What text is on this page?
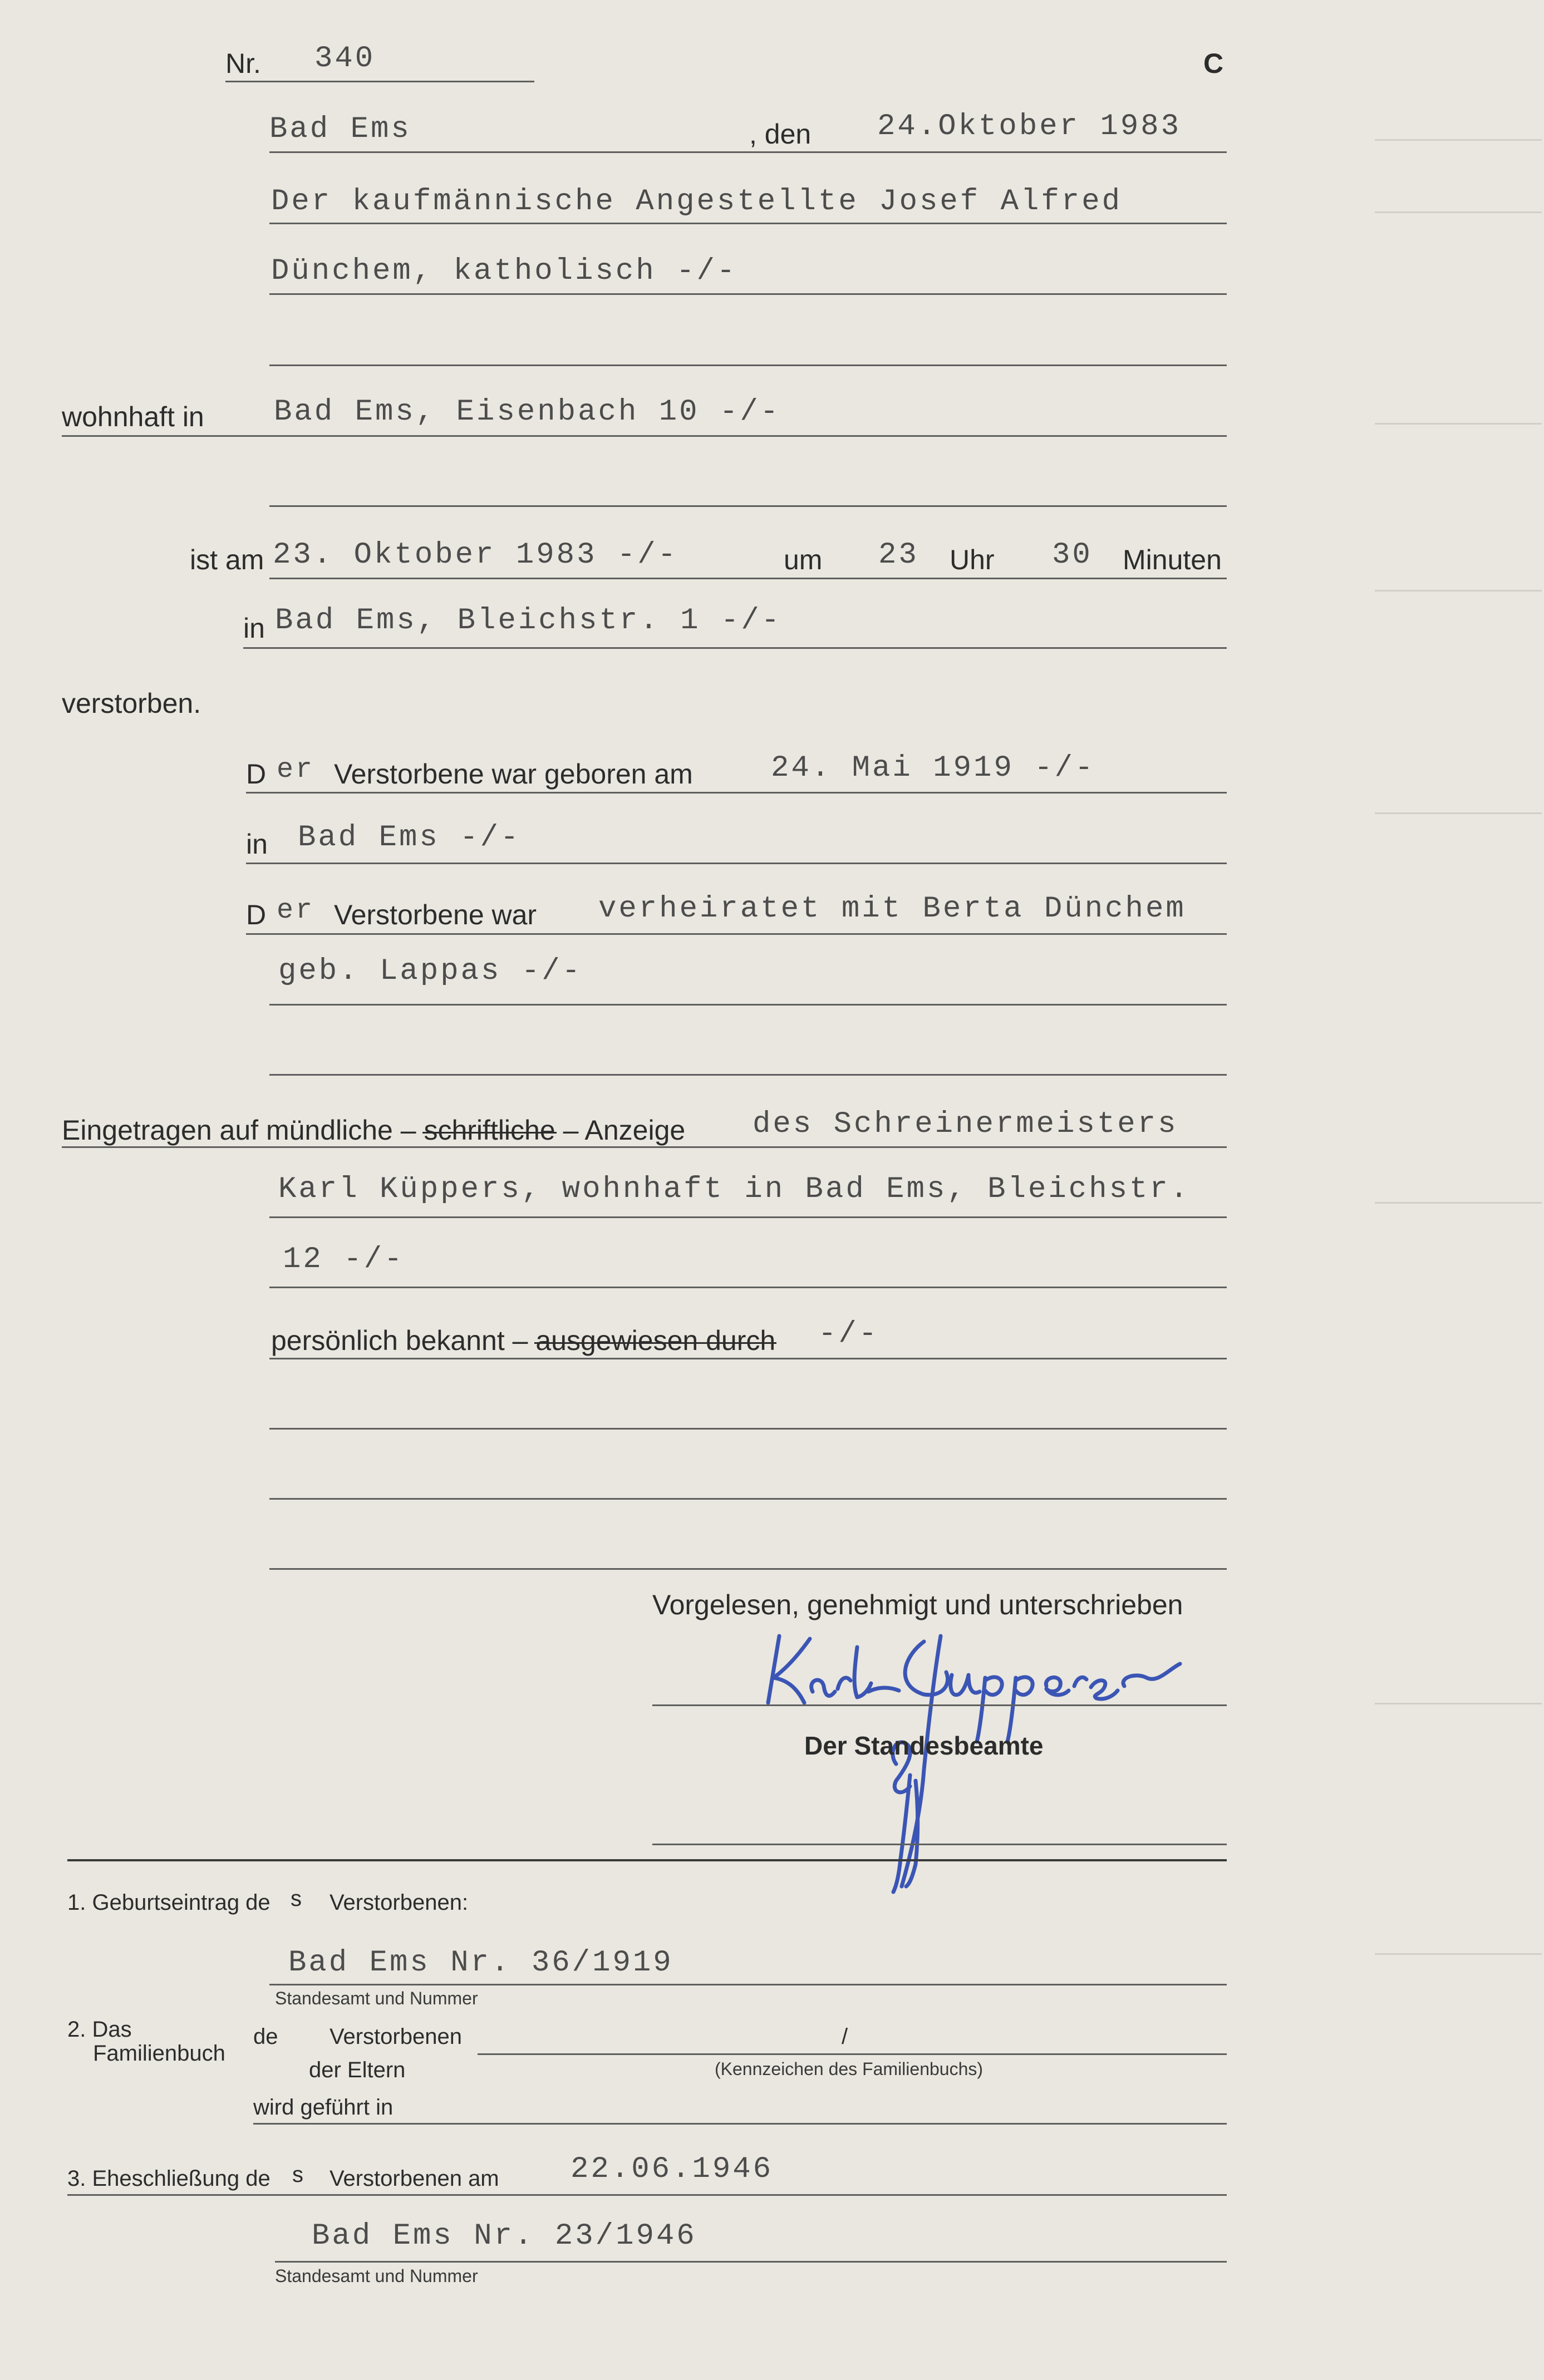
Nr. 340	C
Bad Ems	, den 24.Oktober 1983
Der kaufmännische Angestellte Josef Alfred
Dünchem, katholisch -/-
wohnhaft in Bad Ems, Eisenbach 10 -/-
ist am 23. Oktober 1983 -/-	um 23 Uhr 30 Minuten
in Bad Ems, Bleichstr. 1 -/-
verstorben.
D er Verstorbene war geboren am	24. Mai 1919 -/-
in Bad Ems -/-
D er Verstorbene war verheiratet mit Berta Dünchem
geb. Lappas -/-
Eingetragen auf mündliche – schriftliche – Anzeige des Schreinermeisters
Karl Küppers, wohnhaft in Bad Ems, Bleichstr.
12 -/-
persönlich bekannt – ausgewiesen durch -/-
Vorgelesen, genehmigt und unterschrieben
Der Standesbeamte
1. Geburtseintrag de s Verstorbenen:
Bad Ems Nr. 36/1919
Standesamt und Nummer
2. Das
Familienbuch
de Verstorbenen	/
der Eltern	(Kennzeichen des Familienbuchs)
wird geführt in
3. Eheschließung de s Verstorbenen am 22.06.1946
Bad Ems Nr. 23/1946
Standesamt und Nummer
